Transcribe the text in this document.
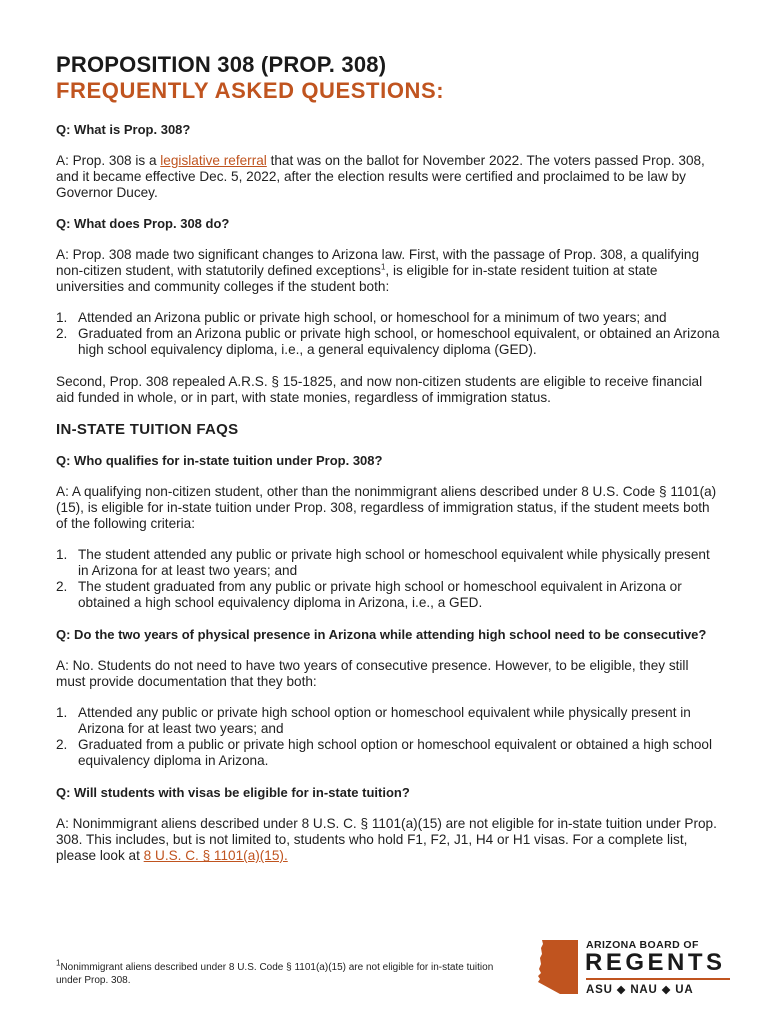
PROPOSITION 308 (PROP. 308)
FREQUENTLY ASKED QUESTIONS:
Q: What is Prop. 308?

A: Prop. 308 is a legislative referral that was on the ballot for November 2022. The voters passed Prop. 308, and it became effective Dec. 5, 2022, after the election results were certified and proclaimed to be law by Governor Ducey.

Q: What does Prop. 308 do?

A: Prop. 308 made two significant changes to Arizona law. First, with the passage of Prop. 308, a qualifying non-citizen student, with statutorily defined exceptions$^1$, is eligible for in-state resident tuition at state universities and community colleges if the student both:

1. Attended an Arizona public or private high school, or homeschool for a minimum of two years; and
2. Graduated from an Arizona public or private high school, or homeschool equivalent, or obtained an Arizona high school equivalency diploma, i.e., a general equivalency diploma (GED).

Second, Prop. 308 repealed A.R.S. § 15-1825, and now non-citizen students are eligible to receive financial aid funded in whole, or in part, with state monies, regardless of immigration status.

IN-STATE TUITION FAQS
Q: Who qualifies for in-state tuition under Prop. 308?

A: A qualifying non-citizen student, other than the nonimmigrant aliens described under 8 U.S. Code § 1101(a)(15), is eligible for in-state tuition under Prop. 308, regardless of immigration status, if the student meets both of the following criteria:

1. The student attended any public or private high school or homeschool equivalent while physically present in Arizona for at least two years; and
2. The student graduated from any public or private high school or homeschool equivalent in Arizona or obtained a high school equivalency diploma in Arizona, i.e., a GED.
Q: Do the two years of physical presence in Arizona while attending high school need to be consecutive?

A: No. Students do not need to have two years of consecutive presence. However, to be eligible, they still must provide documentation that they both:

1. Attended any public or private high school option or homeschool equivalent while physically present in Arizona for at least two years; and
2. Graduated from a public or private high school option or homeschool equivalent or obtained a high school equivalency diploma in Arizona.
Q: Will students with visas be eligible for in-state tuition?

A: Nonimmigrant aliens described under 8 U.S. C. § 1101(a)(15) are not eligible for in-state tuition under Prop. 308. This includes, but is not limited to, students who hold F1, F2, J1, H4 or H1 visas. For a complete list, please look at 8 U.S. C. § 1101(a)(15).

$^1$Nonimmigrant aliens described under 8 U.S. Code § 1101(a)(15) are not eligible for in-state tuition under Prop. 308.
ARIZONA BOARD OF
REGENTS
ASU ◆ NAU ◆ UA
